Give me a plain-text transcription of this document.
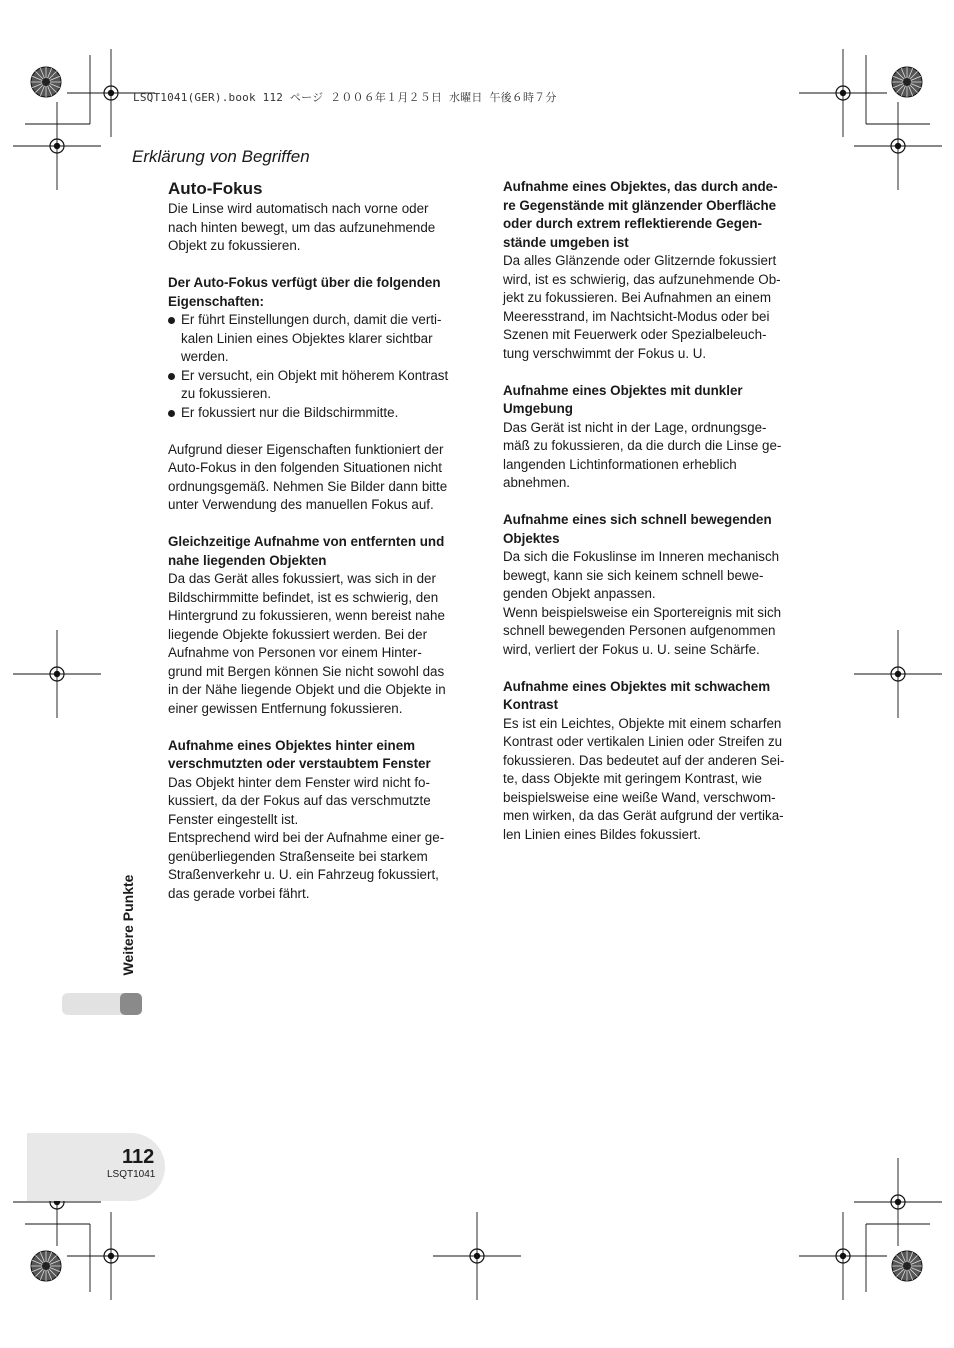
LSQT1041(GER).book 112 ページ ２００６年１月２５日 水曜日 午後６時７分
Erklärung von Begriffen
Auto-Fokus
Die Linse wird automatisch nach vorne oder
nach hinten bewegt, um das aufzunehmende
Objekt zu fokussieren.
Der Auto-Fokus verfügt über die folgenden
Eigenschaften:
Er führt Einstellungen durch, damit die verti-
kalen Linien eines Objektes klarer sichtbar
werden.
Er versucht, ein Objekt mit höherem Kontrast
zu fokussieren.
Er fokussiert nur die Bildschirmmitte.
Aufgrund dieser Eigenschaften funktioniert der
Auto-Fokus in den folgenden Situationen nicht
ordnungsgemäß. Nehmen Sie Bilder dann bitte
unter Verwendung des manuellen Fokus auf.
Gleichzeitige Aufnahme von entfernten und
nahe liegenden Objekten
Da das Gerät alles fokussiert, was sich in der
Bildschirmmitte befindet, ist es schwierig, den
Hintergrund zu fokussieren, wenn bereist nahe
liegende Objekte fokussiert werden. Bei der
Aufnahme von Personen vor einem Hinter-
grund mit Bergen können Sie nicht sowohl das
in der Nähe liegende Objekt und die Objekte in
einer gewissen Entfernung fokussieren.
Aufnahme eines Objektes hinter einem
verschmutzten oder verstaubtem Fenster
Das Objekt hinter dem Fenster wird nicht fo-
kussiert, da der Fokus auf das verschmutzte
Fenster eingestellt ist.
Entsprechend wird bei der Aufnahme einer ge-
genüberliegenden Straßenseite bei starkem
Straßenverkehr u. U. ein Fahrzeug fokussiert,
das gerade vorbei fährt.
Aufnahme eines Objektes, das durch ande-
re Gegenstände mit glänzender Oberfläche
oder durch extrem reflektierende Gegen-
stände umgeben ist
Da alles Glänzende oder Glitzernde fokussiert
wird, ist es schwierig, das aufzunehmende Ob-
jekt zu fokussieren. Bei Aufnahmen an einem
Meeresstrand, im Nachtsicht-Modus oder bei
Szenen mit Feuerwerk oder Spezialbeleuch-
tung verschwimmt der Fokus u. U.
Aufnahme eines Objektes mit dunkler
Umgebung
Das Gerät ist nicht in der Lage, ordnungsge-
mäß zu fokussieren, da die durch die Linse ge-
langenden Lichtinformationen erheblich
abnehmen.
Aufnahme eines sich schnell bewegenden
Objektes
Da sich die Fokuslinse im Inneren mechanisch
bewegt, kann sie sich keinem schnell bewe-
genden Objekt anpassen.
Wenn beispielsweise ein Sportereignis mit sich
schnell bewegenden Personen aufgenommen
wird, verliert der Fokus u. U. seine Schärfe.
Aufnahme eines Objektes mit schwachem
Kontrast
Es ist ein Leichtes, Objekte mit einem scharfen
Kontrast oder vertikalen Linien oder Streifen zu
fokussieren. Das bedeutet auf der anderen Sei-
te, dass Objekte mit geringem Kontrast, wie
beispielsweise eine weiße Wand, verschwom-
men wirken, da das Gerät aufgrund der vertika-
len Linien eines Bildes fokussiert.
Weitere Punkte
112
LSQT1041
